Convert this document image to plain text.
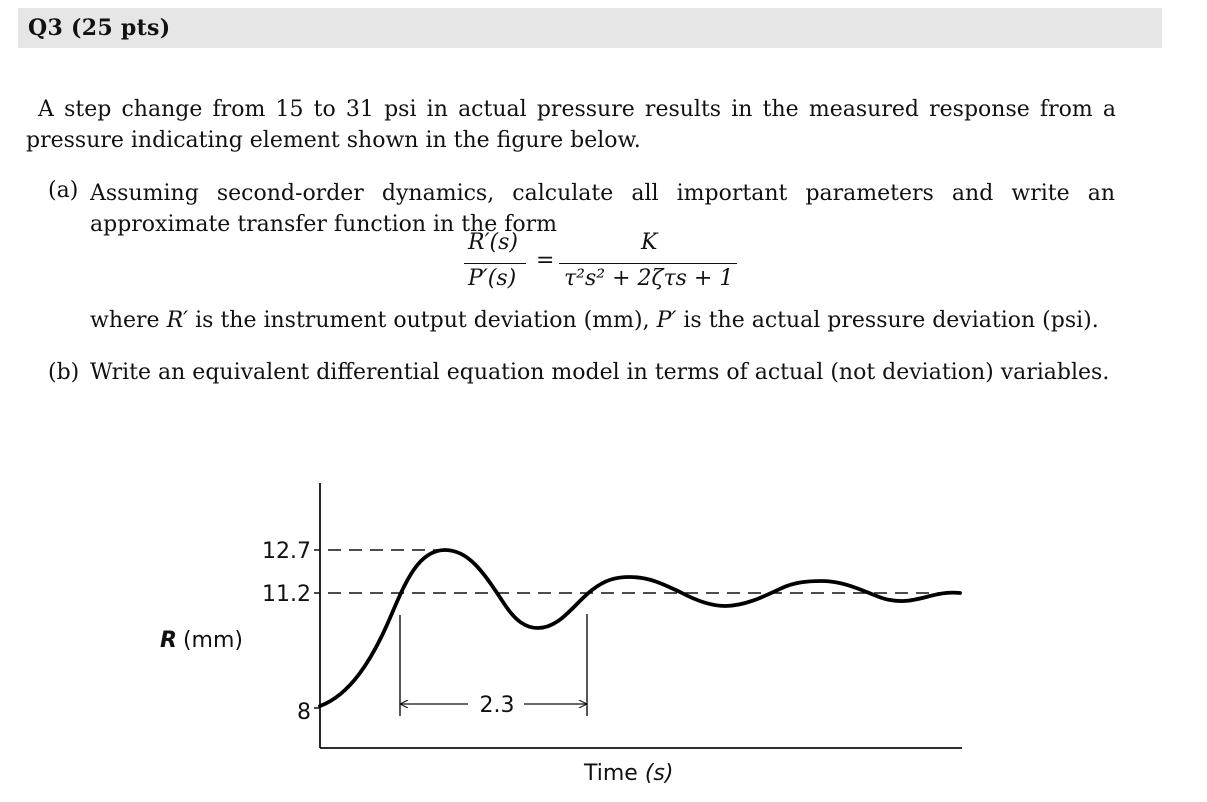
Q3 (25 pts)
A step change from 15 to 31 psi in actual pressure results in the measured response from a pressure indicating element shown in the figure below.
(a) Assuming second-order dynamics, calculate all important parameters and write an approximate transfer function in the form
R′(s)
P′(s)
=
K
τ²s² + 2ζτs + 1
where R′ is the instrument output deviation (mm), P′ is the actual pressure deviation (psi).
(b) Write an equivalent differential equation model in terms of actual (not deviation) variables.
12.7
11.2
8
R (mm)
Time (s)
2.3
